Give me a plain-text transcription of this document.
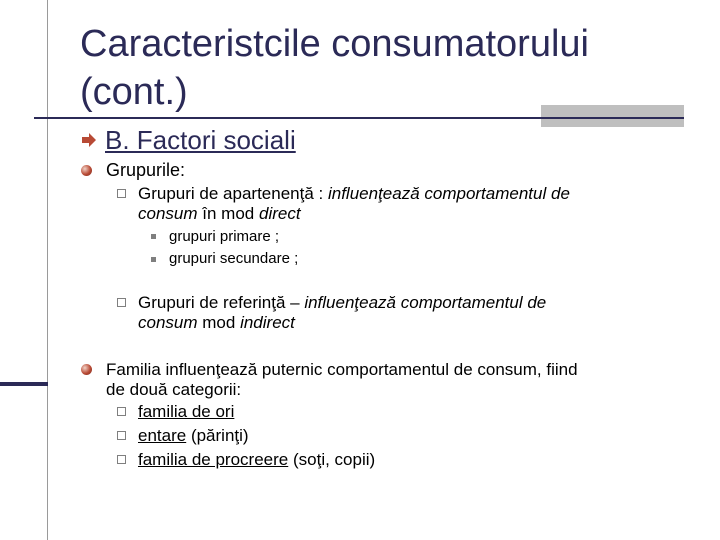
Caracteristcile consumatorului
(cont.)
B. Factori sociali
Grupurile:
Grupuri de apartenenţă : influenţează comportamentul de
consum în mod direct
grupuri primare ;
grupuri secundare ;
Grupuri de referinţă – influenţează comportamentul de
consum mod indirect
Familia influenţează puternic comportamentul de consum, fiind
de două categorii:
familia de ori
entare (părinţi)
familia de procreere (soţi, copii)
